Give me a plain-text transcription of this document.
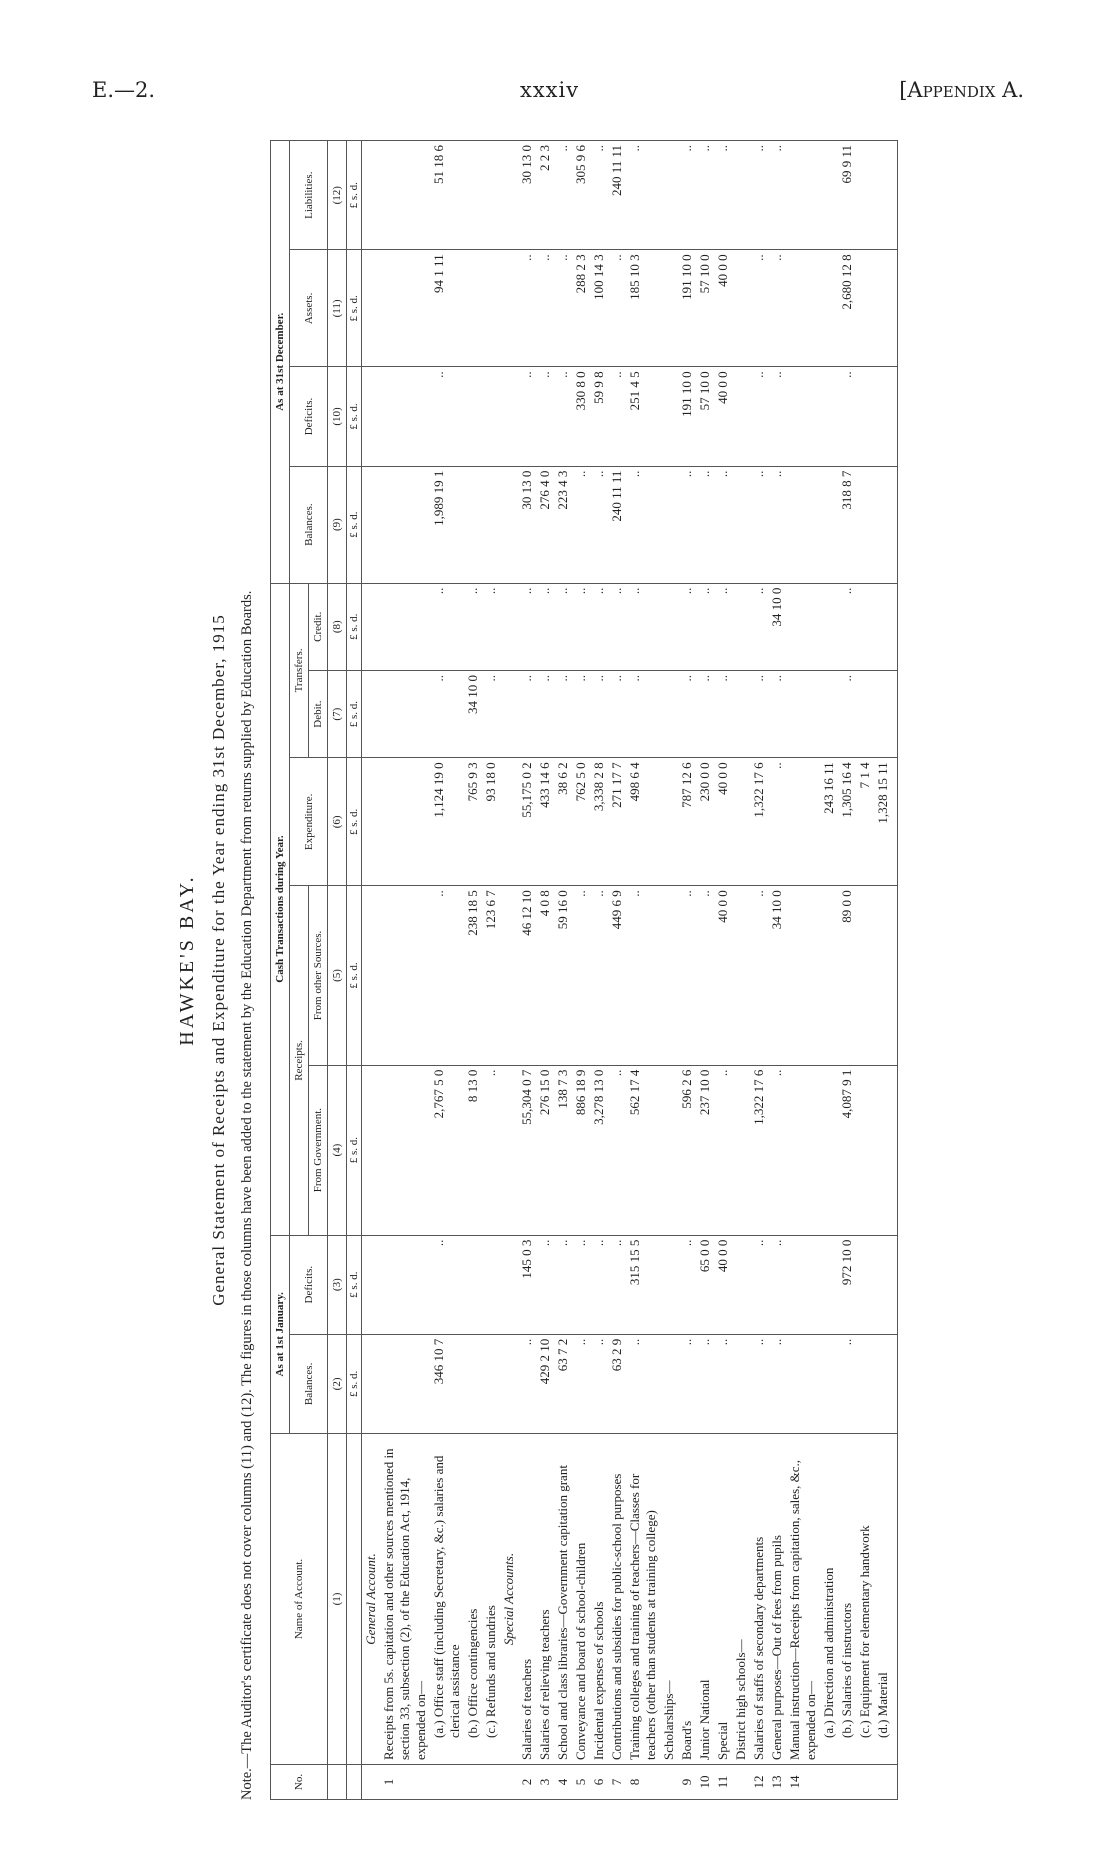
E.—2.	xxxiv	[Appendix A.
HAWKE'S BAY. General Statement of Receipts and Expenditure for the Year ending 31st December, 1915 Note.—The Auditor's certificate does not cover columns (11) and (12). The figures in those columns have been added to the statement by the Education Department from returns supplied by Education Boards.	No.	Name of Account.	As at 1st January.		Cash Transactions during Year.					As at 31st December.			
		Balances.	Deficits.	Receipts.		Expenditure.	Transfers.		Balances.	Deficits.	Assets.	Liabilities.
				From Government.	From other Sources.		Debit.	Credit.				
	(1)	(2)	(3)	(4)	(5)	(6)	(7)	(8)	(9)	(10)	(11)	(12)
		£ s. d.	£ s. d.	£ s. d.	£ s. d.	£ s. d.	£ s. d.	£ s. d.	£ s. d.	£ s. d.	£ s. d.	£ s. d.
	General Account.											
1	Receipts from 5s. capitation and other sources mentioned in section 33, subsection (2), of the Education Act, 1914, expended on—											
	(a.) Office staff (including Secretary, &c.) salaries and clerical assistance	346 10 7	..	2,767 5 0	..	1,124 19 0	..	..	1,989 19 1	..	94 1 11	51 18 6
	(b.) Office contingencies			8 13 0	238 18 5	765 9 3	34 10 0	..				
	(c.) Refunds and sundries			..	123 6 7	93 18 0	..	..				
	Special Accounts.											
2	Salaries of teachers	..	145 0 3	55,304 0 7	46 12 10	55,175 0 2	..	..	30 13 0	..	..	30 13 0
3	Salaries of relieving teachers	429 2 10	..	276 15 0	4 0 8	433 14 6	..	..	276 4 0	..	..	2 2 3
4	School and class libraries—Government capitation grant	63 7 2	..	138 7 3	59 16 0	38 6 2	..	..	223 4 3	..	..	..
5	Conveyance and board of school-children	..	..	886 18 9	..	762 5 0	..	..	..	330 8 0	288 2 3	305 9 6
6	Incidental expenses of schools	..	..	3,278 13 0	..	3,338 2 8	..	..	..	59 9 8	100 14 3	..
7	Contributions and subsidies for public-school purposes	63 2 9	..	..	449 6 9	271 17 7	..	..	240 11 11	..	..	240 11 11
8	Training colleges and training of teachers—Classes for teachers (other than students at training college)	..	315 15 5	562 17 4	..	498 6 4	..	..	..	251 4 5	185 10 3	..
	Scholarships—											
9	Board's	..	..	596 2 6	..	787 12 6	..	..	..	191 10 0	191 10 0	..
10	Junior National	..	65 0 0	237 10 0	..	230 0 0	..	..	..	57 10 0	57 10 0	..
11	Special	..	40 0 0	..	40 0 0	40 0 0	..	..	..	40 0 0	40 0 0	..
	District high schools—											
12	Salaries of staffs of secondary departments	..	..	1,322 17 6	..	1,322 17 6	..	..	..	..	..	..
13	General purposes—Out of fees from pupils	..	..	..	34 10 0	..	..	34 10 0	..	..	..	..
14	Manual instruction—Receipts from capitation, sales, &c., expended on—											
	(a.) Direction and administration					243 16 11						
	(b.) Salaries of instructors	..	972 10 0	4,087 9 1	89 0 0	1,305 16 4	..	..	318 8 7	..	2,680 12 8	69 9 11
	(c.) Equipment for elementary handwork					7 1 4						
	(d.) Material					1,328 15 11						
